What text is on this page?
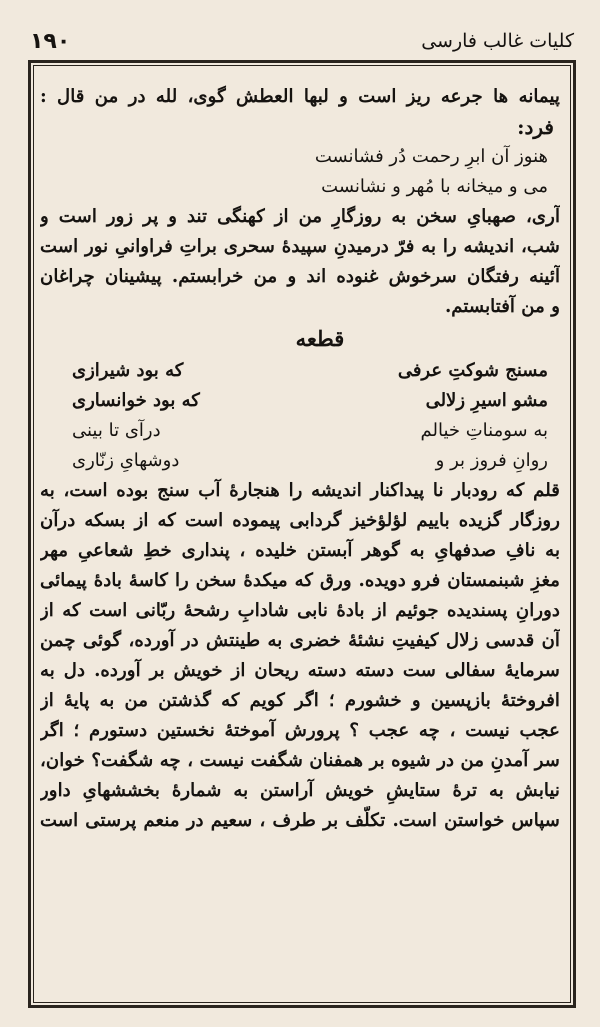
۱۹۰	کلیات غالب فارسی
پیمانه ها جرعه ریز است و لبها العطش گوی، لله در من قال :
فرد:
هنوز آن ابرِ رحمت دُر فشانست
می و میخانه با مُهر و نشانست
آری، صهبایِ سخن به روزگارِ من از کهنگی تند و پر زور است و
شب، اندیشه را به فرّ درمیدنِ سپیدهٔ سحری براتِ فراوانیِ نور است
آئینه رفتگان سرخوش غنوده اند و من خرابستم. پیشینان چراغان
و من آفتابستم.
قطعه
مسنج شوکتِ عرفی
که بود شیرازی
مشو اسیرِ زلالی
که بود خوانساری
به سومناتِ خیالم
درآی تا بینی
روانِ فروز بر و
دوشهایِ زنّاری
قلم که رودبار نا پیداکنار اندیشه را هنجارهٔ آب سنج بوده است، به
روزگار گزیده باییم لؤلؤخیز گردابی پیموده است که از بسکه درآن
به نافِ صدفهایِ به گوهر آبستن خلیده ، پنداری خطِ شعاعیِ مهر
مغزِ شبنمستان فرو دویده. ورق که میکدهٔ سخن را کاسهٔ بادهٔ پیمائی
دورانِ پسندیده جوئیم از بادهٔ نابی شادابِ رشحهٔ ربّانی است که از
آن قدسی زلال کیفیتِ نشئهٔ خضری به طینتش در آورده، گوئی چمن
سرمایهٔ سفالی ست دسته دسته ریحان از خویش بر آورده. دل به
افروختهٔ بازپسین و خشورم ؛ اگر کویم که گذشتن من به پایهٔ از
عجب نیست ، چه عجب ؟ پرورش آموختهٔ نخستین دستورم ؛ اگر
سر آمدنِ من در شیوه بر همفنان شگفت نیست ، چه شگفت؟ خوان،
نیابش به ترهٔ ستایشِ خویش آراستن به شمارهٔ بخششهایِ داور
سپاس خواستن است. تکلّف بر طرف ، سعیم در منعم پرستی است
